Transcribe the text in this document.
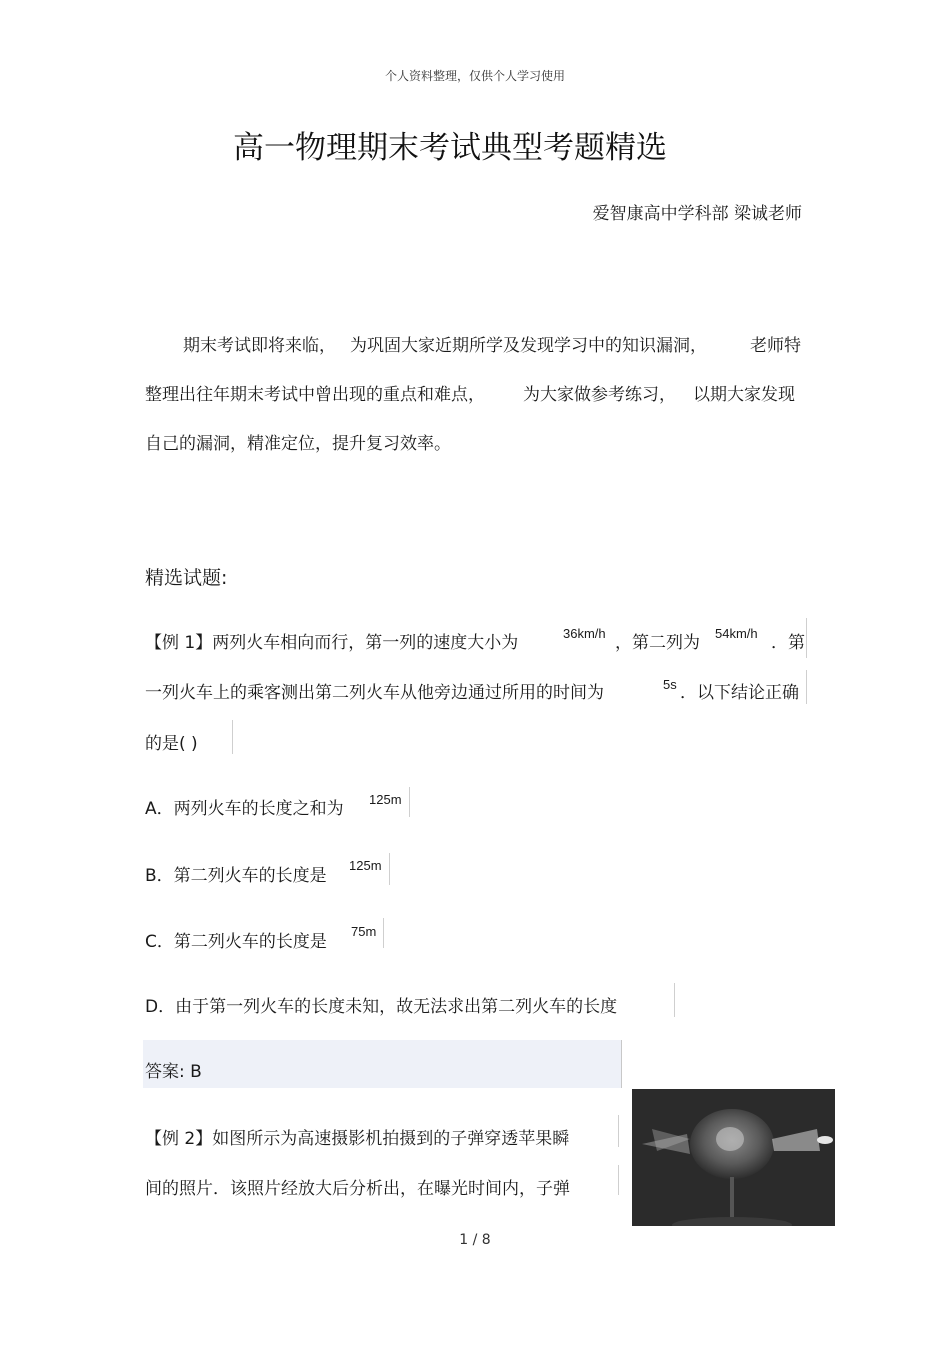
个人资料整理，仅供个人学习使用
高一物理期末考试典型考题精选
爱智康高中学科部 梁诚老师
期末考试即将来临， 为巩固大家近期所学及发现学习中的知识漏洞，	老师特
整理出往年期末考试中曾出现的重点和难点， 为大家做参考练习， 以期大家发现
自己的漏洞，精准定位，提升复习效率。
精选试题:
【例 1】两列火车相向而行，第一列的速度大小为	36km/h ，第二列为 54km/h ．第
一列火车上的乘客测出第二列火车从他旁边通过所用的时间为	5s ．以下结论正确
的是( )
A．两列火车的长度之和为 125m
B．第二列火车的长度是
125m
C．第二列火车的长度是
75m
D．由于第一列火车的长度未知，故无法求出第二列火车的长度
答案: B
【例 2】如图所示为高速摄影机拍摄到的子弹穿透苹果瞬
间的照片．该照片经放大后分析出，在曝光时间内，子弹
1 / 8
